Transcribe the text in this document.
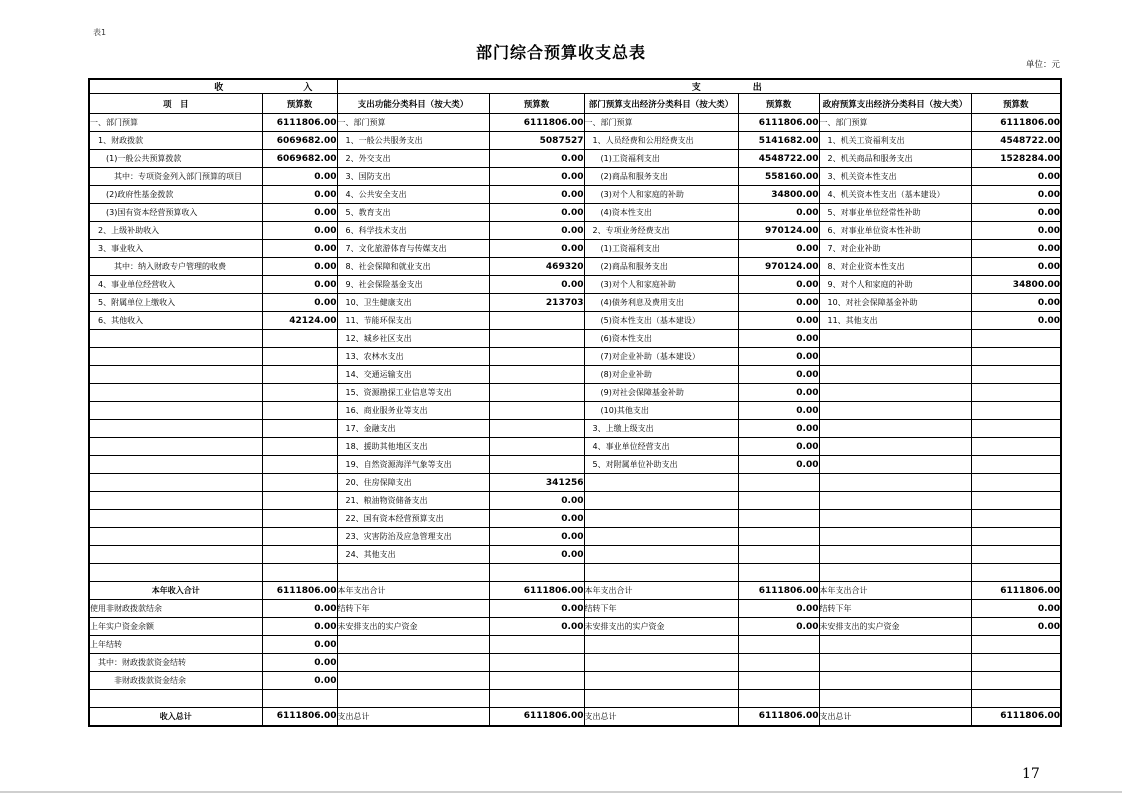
表1
部门综合预算收支总表
单位：元
收 入		支 出					

项　目	预算数	支出功能分类科目（按大类）	预算数	部门预算支出经济分类科目（按大类）	预算数	政府预算支出经济分类科目（按大类）	预算数
一、部门预算	6111806.00	一、部门预算	6111806.00	一、部门预算	6111806.00	一、部门预算	6111806.00
　1、财政拨款	6069682.00	　1、一般公共服务支出	5087527	　1、人员经费和公用经费支出	5141682.00	　1、机关工资福利支出	4548722.00
　　(1)一般公共预算拨款	6069682.00	　2、外交支出	0.00	　　(1)工资福利支出	4548722.00	　2、机关商品和服务支出	1528284.00
　　　其中：专项资金列入部门预算的项目	0.00	　3、国防支出	0.00	　　(2)商品和服务支出	558160.00	　3、机关资本性支出	0.00
　　(2)政府性基金拨款	0.00	　4、公共安全支出	0.00	　　(3)对个人和家庭的补助	34800.00	　4、机关资本性支出（基本建设）	0.00
　　(3)国有资本经营预算收入	0.00	　5、教育支出	0.00	　　(4)资本性支出	0.00	　5、对事业单位经常性补助	0.00
　2、上级补助收入	0.00	　6、科学技术支出	0.00	　2、专项业务经费支出	970124.00	　6、对事业单位资本性补助	0.00
　3、事业收入	0.00	　7、文化旅游体育与传媒支出	0.00	　　(1)工资福利支出	0.00	　7、对企业补助	0.00
　　　其中：纳入财政专户管理的收费	0.00	　8、社会保障和就业支出	469320	　　(2)商品和服务支出	970124.00	　8、对企业资本性支出	0.00
　4、事业单位经营收入	0.00	　9、社会保险基金支出	0.00	　　(3)对个人和家庭补助	0.00	　9、对个人和家庭的补助	34800.00
　5、附属单位上缴收入	0.00	　10、卫生健康支出	213703	　　(4)债务利息及费用支出	0.00	　10、对社会保障基金补助	0.00
　6、其他收入	42124.00	　11、节能环保支出		　　(5)资本性支出（基本建设）	0.00	　11、其他支出	0.00
		　12、城乡社区支出		　　(6)资本性支出	0.00		
		　13、农林水支出		　　(7)对企业补助（基本建设）	0.00		
		　14、交通运输支出		　　(8)对企业补助	0.00		
		　15、资源勘探工业信息等支出		　　(9)对社会保障基金补助	0.00		
		　16、商业服务业等支出		　　(10)其他支出	0.00		
		　17、金融支出		　3、上缴上级支出	0.00		
		　18、援助其他地区支出		　4、事业单位经营支出	0.00		
		　19、自然资源海洋气象等支出		　5、对附属单位补助支出	0.00		
		　20、住房保障支出	341256				
		　21、粮油物资储备支出	0.00				
		　22、国有资本经营预算支出	0.00				
		　23、灾害防治及应急管理支出	0.00				
		　24、其他支出	0.00				

本年收入合计	6111806.00	本年支出合计	6111806.00	本年支出合计	6111806.00	本年支出合计	6111806.00
使用非财政拨款结余	0.00	结转下年	0.00	结转下年	0.00	结转下年	0.00
上年实户资金余额	0.00	未安排支出的实户资金	0.00	未安排支出的实户资金	0.00	未安排支出的实户资金	0.00
上年结转	0.00						
　其中：财政拨款资金结转	0.00						
　　　非财政拨款资金结余	0.00						

收入总计	6111806.00	支出总计	6111806.00	支出总计	6111806.00	支出总计	6111806.00
17
